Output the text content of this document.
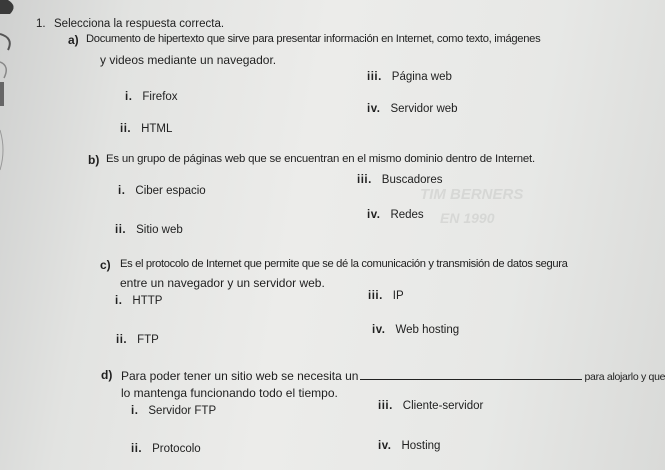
TIM BERNERS
EN 1990
1. Selecciona la respuesta correcta.
a) Documento de hipertexto que sirve para presentar información en Internet, como texto, imágenes
y videos mediante un navegador.
iii. Página web
i. Firefox
iv. Servidor web
ii. HTML
b) Es un grupo de páginas web que se encuentran en el mismo dominio dentro de Internet.
iii. Buscadores
i. Ciber espacio
iv. Redes
ii. Sitio web
c) Es el protocolo de Internet que permite que se dé la comunicación y transmisión de datos segura
entre un navegador y un servidor web.
iii. IP
i. HTTP
iv. Web hosting
ii. FTP
d) Para poder tener un sitio web se necesita un	para alojarlo y que
lo mantenga funcionando todo el tiempo.
i. Servidor FTP	iii. Cliente-servidor
ii. Protocolo	iv. Hosting
